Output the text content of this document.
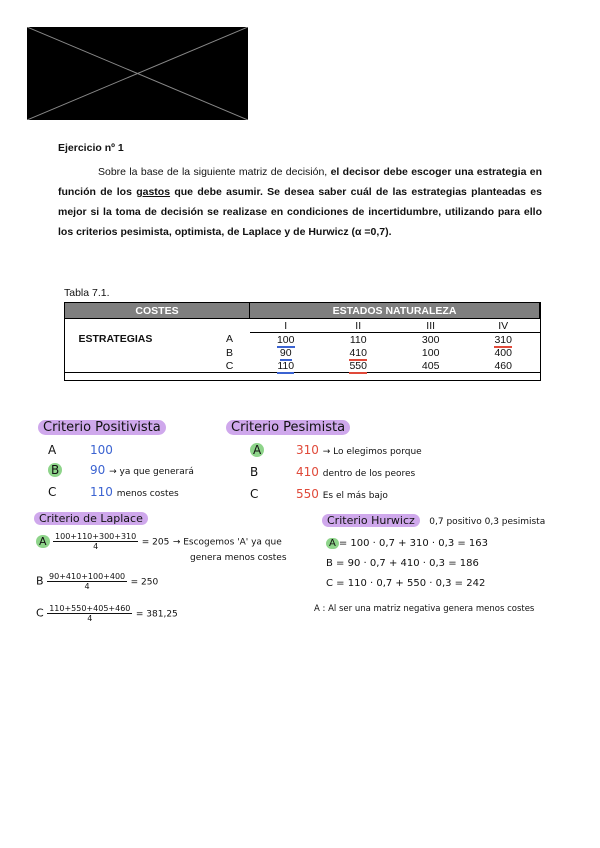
Ejercicio nº 1
Sobre la base de la siguiente matriz de decisión, el decisor debe escoger una estrategia en función de los gastos que debe asumir. Se desea saber cuál de las estrategias planteadas es mejor si la toma de decisión se realizase en condiciones de incertidumbre, utilizando para ello los criterios pesimista, optimista, de Laplace y de Hurwicz (α =0,7).
Tabla 7.1.
COSTES		ESTADOS NATURALEZA			
		I	II	III	IV
ESTRATEGIAS	A	100	110	300	310
	B	90	410	100	400
	C	110	550	405	460
Criterio Positivista
A	100
B	90 → ya que generará
C	110 menos costes
Criterio Pesimista
A	310 → Lo elegimos porque
B	410 dentro de los peores
C	550 Es el más bajo
Criterio de Laplace
A $\frac{100+110+300+310}{4} = 205$ → Escogemos 'A' ya que
genera menos costes
B $\frac{90+410+100+400}{4} = 250$
C $\frac{110+550+405+460}{4} = 381,25$
Criterio Hurwicz 0,7 positivo 0,3 pesimista
A = 100 · 0,7 + 310 · 0,3 = 163
B = 90 · 0,7 + 410 · 0,3 = 186
C = 110 · 0,7 + 550 · 0,3 = 242
A : Al ser una matriz negativa genera menos costes
